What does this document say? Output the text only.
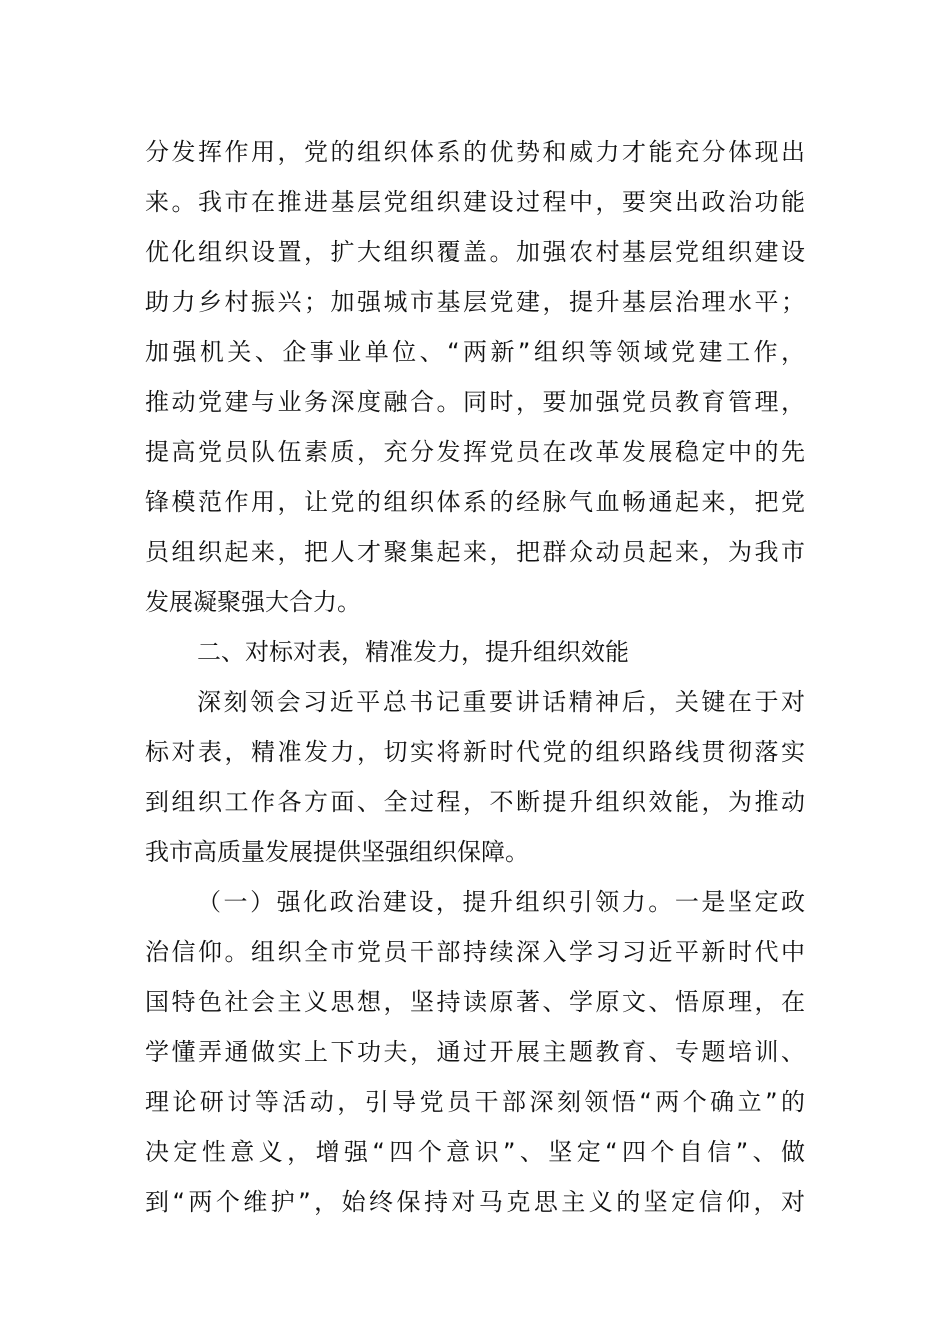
分发挥作用，党的组织体系的优势和威力才能充分体现出
来。我市在推进基层党组织建设过程中，要突出政治功能
优化组织设置，扩大组织覆盖。加强农村基层党组织建设
助力乡村振兴；加强城市基层党建，提升基层治理水平；
加强机关、企事业单位、“两新”组织等领域党建工作，
推动党建与业务深度融合。同时，要加强党员教育管理，
提高党员队伍素质，充分发挥党员在改革发展稳定中的先
锋模范作用，让党的组织体系的经脉气血畅通起来，把党
员组织起来，把人才聚集起来，把群众动员起来，为我市
发展凝聚强大合力。
二、对标对表，精准发力，提升组织效能
深刻领会习近平总书记重要讲话精神后，关键在于对
标对表，精准发力，切实将新时代党的组织路线贯彻落实
到组织工作各方面、全过程，不断提升组织效能，为推动
我市高质量发展提供坚强组织保障。
（一）强化政治建设，提升组织引领力。一是坚定政
治信仰。组织全市党员干部持续深入学习习近平新时代中
国特色社会主义思想，坚持读原著、学原文、悟原理，在
学懂弄通做实上下功夫，通过开展主题教育、专题培训、
理论研讨等活动，引导党员干部深刻领悟“两个确立”的
决定性意义，增强“四个意识”、坚定“四个自信”、做
到“两个维护”，始终保持对马克思主义的坚定信仰，对
